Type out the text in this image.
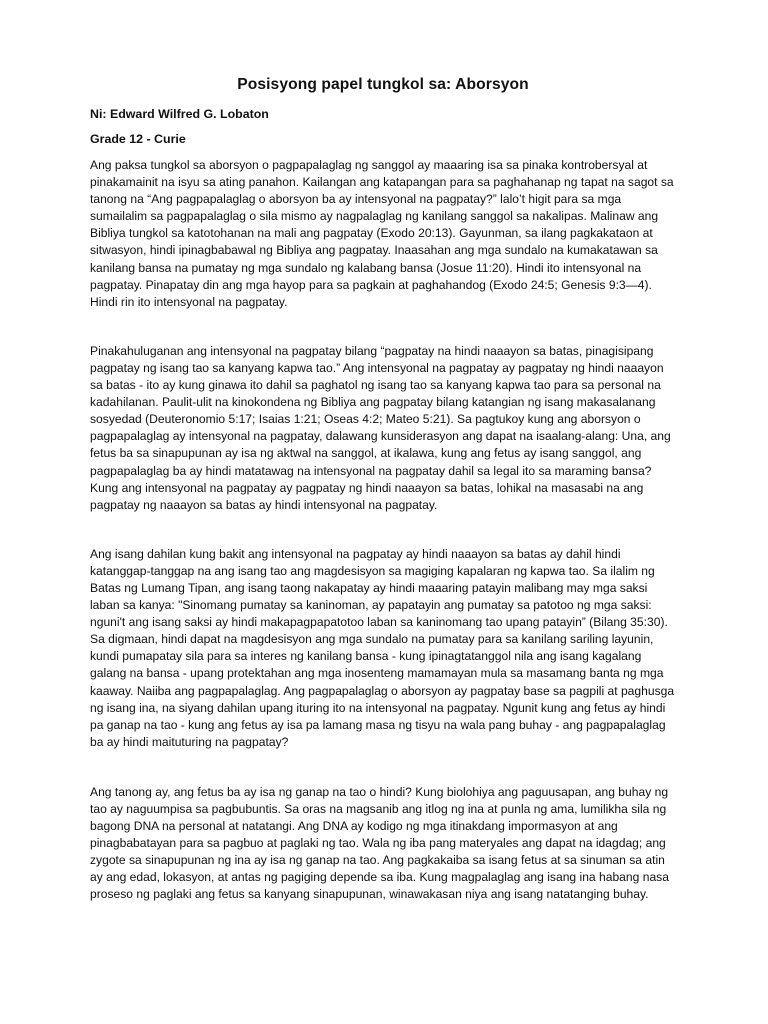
Posisyong papel tungkol sa: Aborsyon
Ni: Edward Wilfred G. Lobaton
Grade 12 - Curie

Ang paksa tungkol sa aborsyon o pagpapalaglag ng sanggol ay maaaring isa sa pinaka kontrobersyal at pinakamainit na isyu sa ating panahon. Kailangan ang katapangan para sa paghahanap ng tapat na sagot sa tanong na “Ang pagpapalaglag o aborsyon ba ay intensyonal na pagpatay?” lalo’t higit para sa mga sumailalim sa pagpapalaglag o sila mismo ay nagpalaglag ng kanilang sanggol sa nakalipas. Malinaw ang Bibliya tungkol sa katotohanan na mali ang pagpatay (Exodo 20:13). Gayunman, sa ilang pagkakataon at sitwasyon, hindi ipinagbabawal ng Bibliya ang pagpatay. Inaasahan ang mga sundalo na kumakatawan sa kanilang bansa na pumatay ng mga sundalo ng kalabang bansa (Josue 11:20). Hindi ito intensyonal na pagpatay. Pinapatay din ang mga hayop para sa pagkain at paghahandog (Exodo 24:5; Genesis 9:3—4). Hindi rin ito intensyonal na pagpatay.

Pinakahuluganan ang intensyonal na pagpatay bilang “pagpatay na hindi naaayon sa batas, pinagisipang pagpatay ng isang tao sa kanyang kapwa tao.” Ang intensyonal na pagpatay ay pagpatay ng hindi naaayon sa batas - ito ay kung ginawa ito dahil sa paghatol ng isang tao sa kanyang kapwa tao para sa personal na kadahilanan. Paulit-ulit na kinokondena ng Bibliya ang pagpatay bilang katangian ng isang makasalanang sosyedad (Deuteronomio 5:17; Isaias 1:21; Oseas 4:2; Mateo 5:21). Sa pagtukoy kung ang aborsyon o pagpapalaglag ay intensyonal na pagpatay, dalawang kunsiderasyon ang dapat na isaalang-alang: Una, ang fetus ba sa sinapupunan ay isa ng aktwal na sanggol, at ikalawa, kung ang fetus ay isang sanggol, ang pagpapalaglag ba ay hindi matatawag na intensyonal na pagpatay dahil sa legal ito sa maraming bansa? Kung ang intensyonal na pagpatay ay pagpatay ng hindi naaayon sa batas, lohikal na masasabi na ang pagpatay ng naaayon sa batas ay hindi intensyonal na pagpatay.

Ang isang dahilan kung bakit ang intensyonal na pagpatay ay hindi naaayon sa batas ay dahil hindi katanggap-tanggap na ang isang tao ang magdesisyon sa magiging kapalaran ng kapwa tao. Sa ilalim ng Batas ng Lumang Tipan, ang isang taong nakapatay ay hindi maaaring patayin malibang may mga saksi laban sa kanya: "Sinomang pumatay sa kaninoman, ay papatayin ang pumatay sa patotoo ng mga saksi: nguni't ang isang saksi ay hindi makapagpapatotoo laban sa kaninomang tao upang patayin” (Bilang 35:30). Sa digmaan, hindi dapat na magdesisyon ang mga sundalo na pumatay para sa kanilang sariling layunin, kundi pumapatay sila para sa interes ng kanilang bansa - kung ipinagtatanggol nila ang isang kagalang galang na bansa - upang protektahan ang mga inosenteng mamamayan mula sa masamang banta ng mga kaaway. Naiiba ang pagpapalaglag. Ang pagpapalaglag o aborsyon ay pagpatay base sa pagpili at paghusga ng isang ina, na siyang dahilan upang ituring ito na intensyonal na pagpatay. Ngunit kung ang fetus ay hindi pa ganap na tao - kung ang fetus ay isa pa lamang masa ng tisyu na wala pang buhay - ang pagpapalaglag ba ay hindi maituturing na pagpatay?

Ang tanong ay, ang fetus ba ay isa ng ganap na tao o hindi? Kung biolohiya ang paguusapan, ang buhay ng tao ay naguumpisa sa pagbubuntis. Sa oras na magsanib ang itlog ng ina at punla ng ama, lumilikha sila ng bagong DNA na personal at natatangi. Ang DNA ay kodigo ng mga itinakdang impormasyon at ang pinagbabatayan para sa pagbuo at paglaki ng tao. Wala ng iba pang materyales ang dapat na idagdag; ang zygote sa sinapupunan ng ina ay isa ng ganap na tao. Ang pagkakaiba sa isang fetus at sa sinuman sa atin ay ang edad, lokasyon, at antas ng pagiging depende sa iba. Kung magpalaglag ang isang ina habang nasa proseso ng paglaki ang fetus sa kanyang sinapupunan, winawakasan niya ang isang natatanging buhay.
